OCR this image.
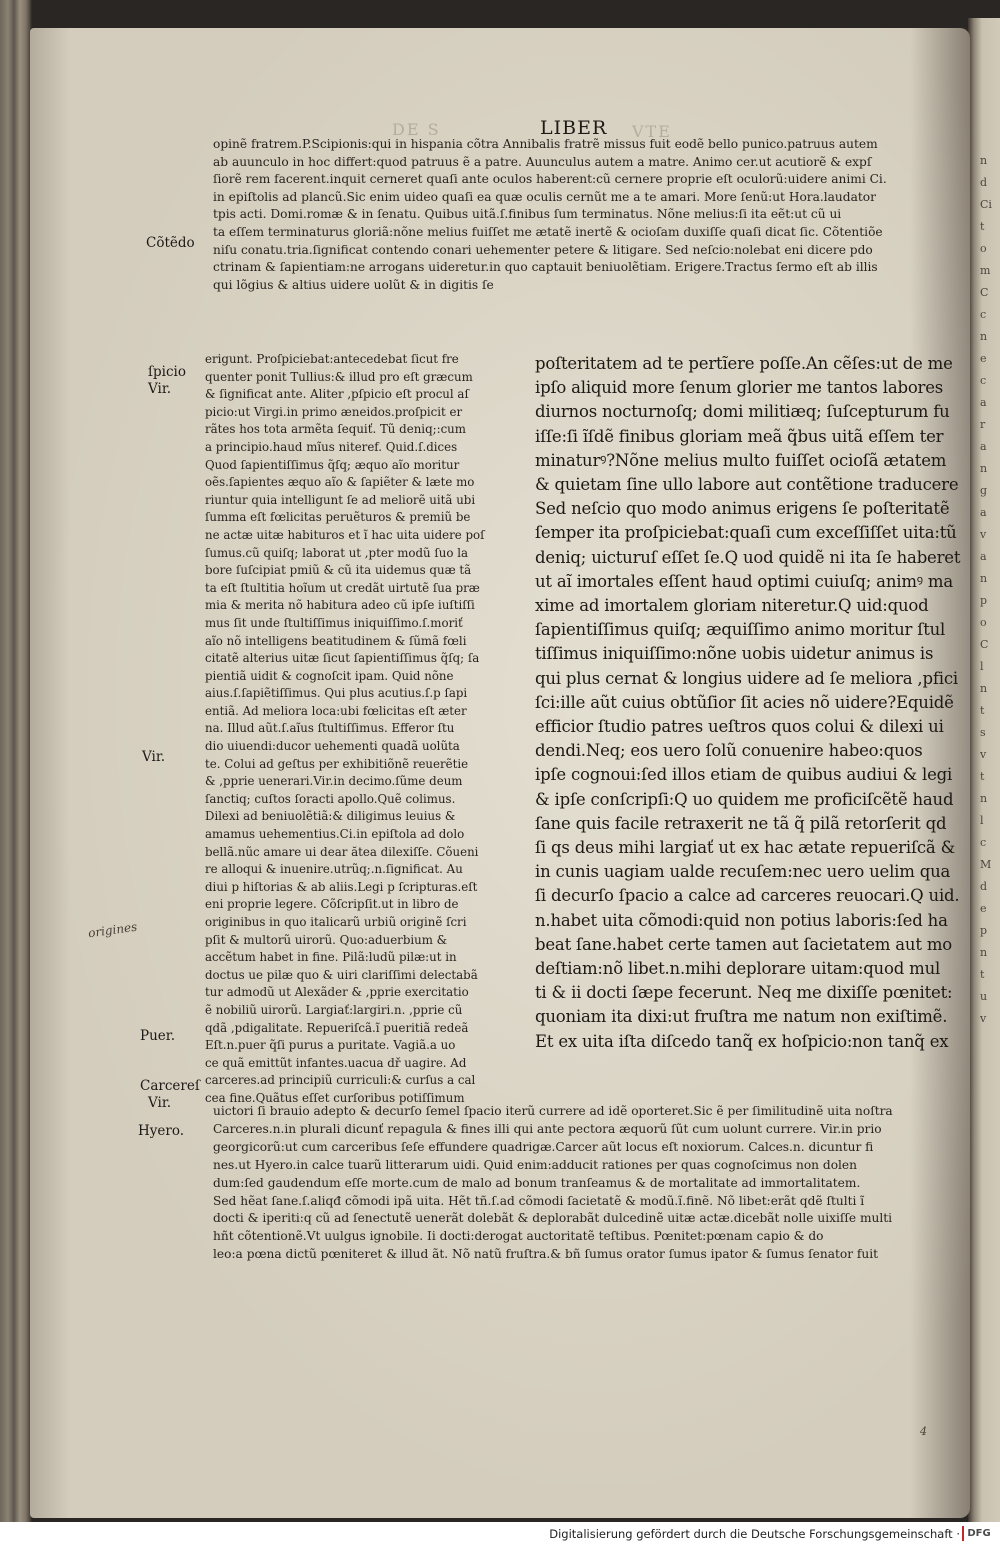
DE S	VTE
LIBER
opinẽ fratrem.P.Scipionis:qui in hispania cõtra Annibalis fratrẽ missus fuit eodẽ bello punico.patruus autem
ab auunculo in hoc differt:quod patruus ẽ a patre. Auunculus autem a matre. Animo cer.ut acutiorẽ & expſ
ſiorẽ rem facerent.inquit cerneret quaſi ante oculos haberent:cũ cernere proprie eſt oculorũ:uidere animi Ci.
in epiſtolis ad plancũ.Sic enim uideo quaſi ea quæ oculis cernũt me a te amari. More ſenũ:ut Hora.laudator
tpis acti. Domi.romæ & in ſenatu. Quibus uitã.ſ.finibus ſum terminatus. Nõne melius:ſi ita eẽt:ut cũ ui
ta eſſem terminaturus gloriã:nõne melius fuiſſet me ætatẽ inertẽ & ocioſam duxiſſe quaſi dicat ſic. Cõtentiõe
niſu conatu.tria.ſignificat contendo conari uehementer petere & litigare. Sed neſcio:nolebat eni dicere pdo
ctrinam & ſapientiam:ne arrogans uideretur.in quo captauit beniuolẽtiam. Erigere.Tractus ſermo eſt ab illis
qui lõgius & altius uidere uolũt & in digitis ſe
erigunt. Proſpiciebat:antecedebat ſicut fre
quenter ponit Tullius:& illud pro eſt græcum
& ſignificat ante. Aliter ,pſpicio eſt procul aſ
picio:ut Virgi.in primo æneidos.proſpicit er
rãtes hos tota armẽta ſequiť. Tũ deniq;:cum
a principio.haud mĩus niteref. Quid.ſ.dices
Quod ſapientiſſimus q̃ſq; æquo aĩo moritur
oẽs.ſapientes æquo aĩo & ſapiẽter & læte mo
riuntur quia intelligunt ſe ad meliorẽ uitã ubi
ſumma eſt fœlicitas peruẽturos & premiũ be
ne actæ uitæ habituros et ĩ hac uita uidere poſ
ſumus.cũ quiſq; laborat ut ,pter modũ ſuo la
bore ſuſcipiat pmiũ & cũ ita uidemus quæ tã
ta eſt ſtultitia hoĩum ut credãt uirtutẽ ſua præ
mia & merita nõ habitura adeo cũ ipſe iuſtiſſi
mus ſit unde ſtultiſſimus iniquiſſimo.ſ.moriť
aĩo nõ intelligens beatitudinem & ſũmã fœli
citatẽ alterius uitæ ſicut ſapientiſſimus q̃ſq; ſa
pientiã uidit & cognoſcit ipam. Quid nõne
aius.ſ.ſapiẽtiſſimus. Qui plus acutius.ſ.p ſapi
entiã. Ad meliora loca:ubi fœlicitas eſt æter
na. Illud aũt.ſ.aĩus ſtultiſſimus. Efferor ſtu
dio uiuendi:ducor uehementi quadã uolũta
te. Colui ad geſtus per exhibitiõnẽ reuerẽtie
& ,pprie uenerari.Vir.in decimo.ſũme deum
ſanctiq; cuſtos ſoracti apollo.Quẽ colimus.
Dilexi ad beniuolẽtiã:& diligimus leuius &
amamus uehementius.Ci.in epiſtola ad dolo
bellã.nũc amare ui dear ătea dilexiſſe. Cõueni
re alloqui & inuenire.utrũq;.n.ſignificat. Au
diui p hiſtorias & ab aliis.Legi p ſcripturas.eſt
eni proprie legere. Cõſcripſit.ut in libro de
originibus in quo italicarũ urbiũ originẽ ſcri
pſit & multorũ uirorũ. Quo:aduerbium &
accẽtum habet in fine. Pilã:ludũ pilæ:ut in
doctus ue pilæ quo & uiri clariſſimi delectabã
tur admodũ ut Alexãder & ,pprie exercitatio
ẽ nobiliũ uirorũ. Largiať:largiri.n. ,pprie cũ
qdã ,pdigalitate. Repueriſcã.ĩ pueritiã redeã
Eſt.n.puer q̃ſi purus a puritate. Vagiã.a uo
ce quã emittũt infantes.uacua dř uagire. Ad
carceres.ad principiũ curriculi:& curſus a cal
cea fine.Quãtus eſſet curſoribus potiſſimum
poſteritatem ad te pertĩere poſſe.An cẽſes:ut de me
ipſo aliquid more ſenum glorier me tantos labores
diurnos nocturnoſq; domi militiæq; ſuſcepturum fu
iſſe:ſi ĩſdẽ finibus gloriam meã q̃bus uitã eſſem ter
minaturꝰ?Nõne melius multo fuiſſet ocioſã ætatem
& quietam ſine ullo labore aut contẽtione traducere
Sed neſcio quo modo animus erigens ſe poſteritatẽ
ſemper ita proſpiciebat:quaſi cum exceſſiſſet uita:tũ
deniq; uicturuſ eſſet ſe.Q uod quidẽ ni ita ſe haberet
ut aĩ imortales eſſent haud optimi cuiuſq; animꝰ ma
xime ad imortalem gloriam niteretur.Q uid:quod
ſapientiſſimus quiſq; æquiſſimo animo moritur ſtul
tiſſimus iniquiſſimo:nõne uobis uidetur animus is
qui plus cernat & longius uidere ad ſe meliora ,pfici
ſci:ille aũt cuius obtũſior ſit acies nõ uidere?Equidẽ
efficior ſtudio patres ueſtros quos colui & dilexi ui
dendi.Neq; eos uero ſolũ conuenire habeo:quos
ipſe cognoui:ſed illos etiam de quibus audiui & legi
& ipſe conſcripſi:Q uo quidem me proficiſcẽtẽ haud
ſane quis facile retraxerit ne tã q̃ pilã retorſerit qd
ſi qs deus mihi largiať ut ex hac ætate repueriſcã &
in cunis uagiam ualde recuſem:nec uero uelim qua
ſi decurſo ſpacio a calce ad carceres reuocari.Q uid.
n.habet uita cõmodi:quid non potius laboris:ſed ha
beat ſane.habet certe tamen aut ſacietatem aut mo
deſtiam:nõ libet.n.mihi deplorare uitam:quod mul
ti & ii docti ſæpe fecerunt. Neq me dixiſſe pœnitet:
quoniam ita dixi:ut fruſtra me natum non exiſtimẽ.
Et ex uita iſta diſcedo tanq̃ ex hoſpicio:non tanq̃ ex
uictori ſi brauio adepto & decurſo ſemel ſpacio iterũ currere ad idẽ oporteret.Sic ẽ per ſimilitudinẽ uita noſtra
Carceres.n.in plurali dicunť repagula & fines illi qui ante pectora æquorũ ſũt cum uolunt currere. Vir.in prio
georgicorũ:ut cum carceribus ſeſe effundere quadrigæ.Carcer aũt locus eſt noxiorum. Calces.n. dicuntur fi
nes.ut Hyero.in calce tuarũ litterarum uidi. Quid enim:adducit rationes per quas cognoſcimus non dolen
dum:ſed gaudendum eſſe morte.cum de malo ad bonum tranſeamus & de mortalitate ad immortalitatem.
Sed hẽat ſane.ſ.aliqđ cõmodi ipã uita. Hẽt tñ.ſ.ad cõmodi ſacietatẽ & modũ.ĩ.finẽ. Nõ libet:erãt qdẽ ſtulti ĩ
docti & iperiti:q cũ ad ſenectutẽ uenerãt dolebãt & deplorabãt dulcedinẽ uitæ actæ.dicebãt nolle uixiſſe multi
hñt cõtentionẽ.Vt uulgus ignobile. Ii docti:derogat auctoritatẽ teſtibus. Pœnitet:pœnam capio & do
leo:a pœna dictũ pœniteret & illud ãt. Nõ natũ fruſtra.& bñ ſumus orator ſumus ipator & ſumus ſenator fuit
Cõtẽdo
ſpicio
Vir.
Vir.
Puer.
Carcereſ
Vir.
Hyero.
origines
4
n
d
Ci
t
o
m
C
c
n
e
c
a
r
a
n
g
a
v
a
n
p
o
C
l
n
t
s
v
t
n
l
c
M
d
e
p
n
t
u
v
Digitalisierung gefördert durch die Deutsche Forschungsgemeinschaft · DFG
